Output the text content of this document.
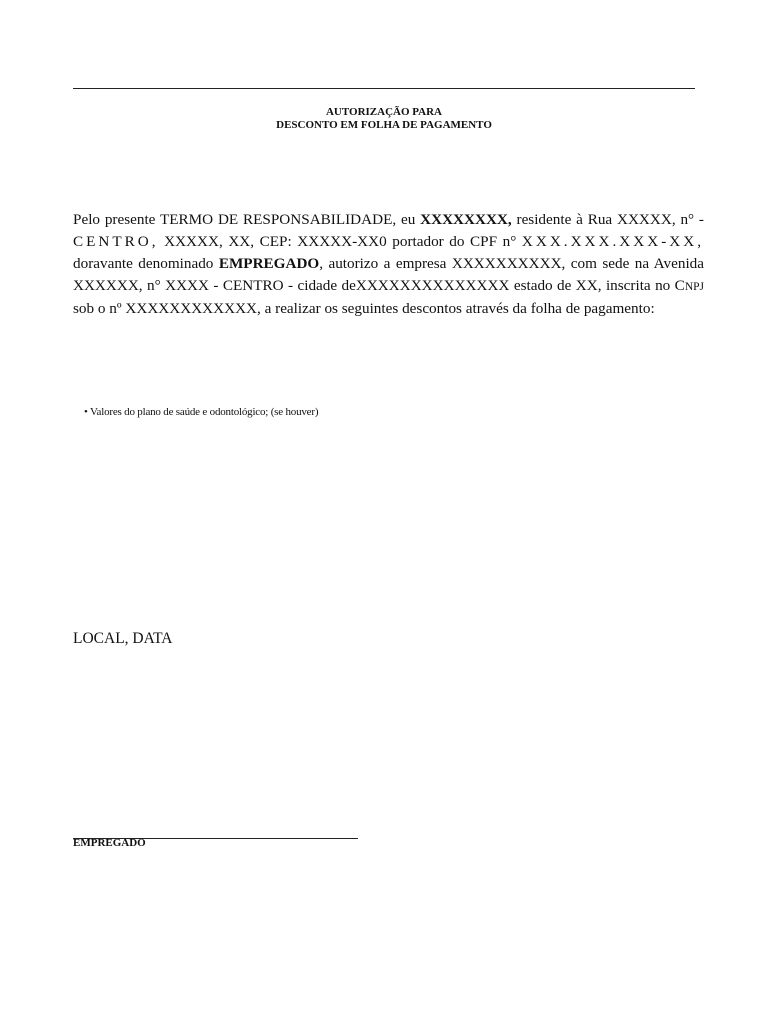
AUTORIZAÇÃO PARA
DESCONTO EM FOLHA DE PAGAMENTO
Pelo presente TERMO DE RESPONSABILIDADE, eu XXXXXXXX, residente à Rua XXXXX, n° - CENTRO, XXXXX, XX, CEP: XXXXX-XX0 portador do CPF n° XXX.XXX.XXX-XX, doravante denominado EMPREGADO, autorizo a empresa XXXXXXXXXX, com sede na Avenida XXXXXX, n° XXXX - CENTRO - cidade deXXXXXXXXXXXXXX estado de XX, inscrita no CNPJ sob o nº XXXXXXXXXXXX, a realizar os seguintes descontos através da folha de pagamento:
• Valores do plano de saúde e odontológico; (se houver)
LOCAL, DATA
EMPREGADO
